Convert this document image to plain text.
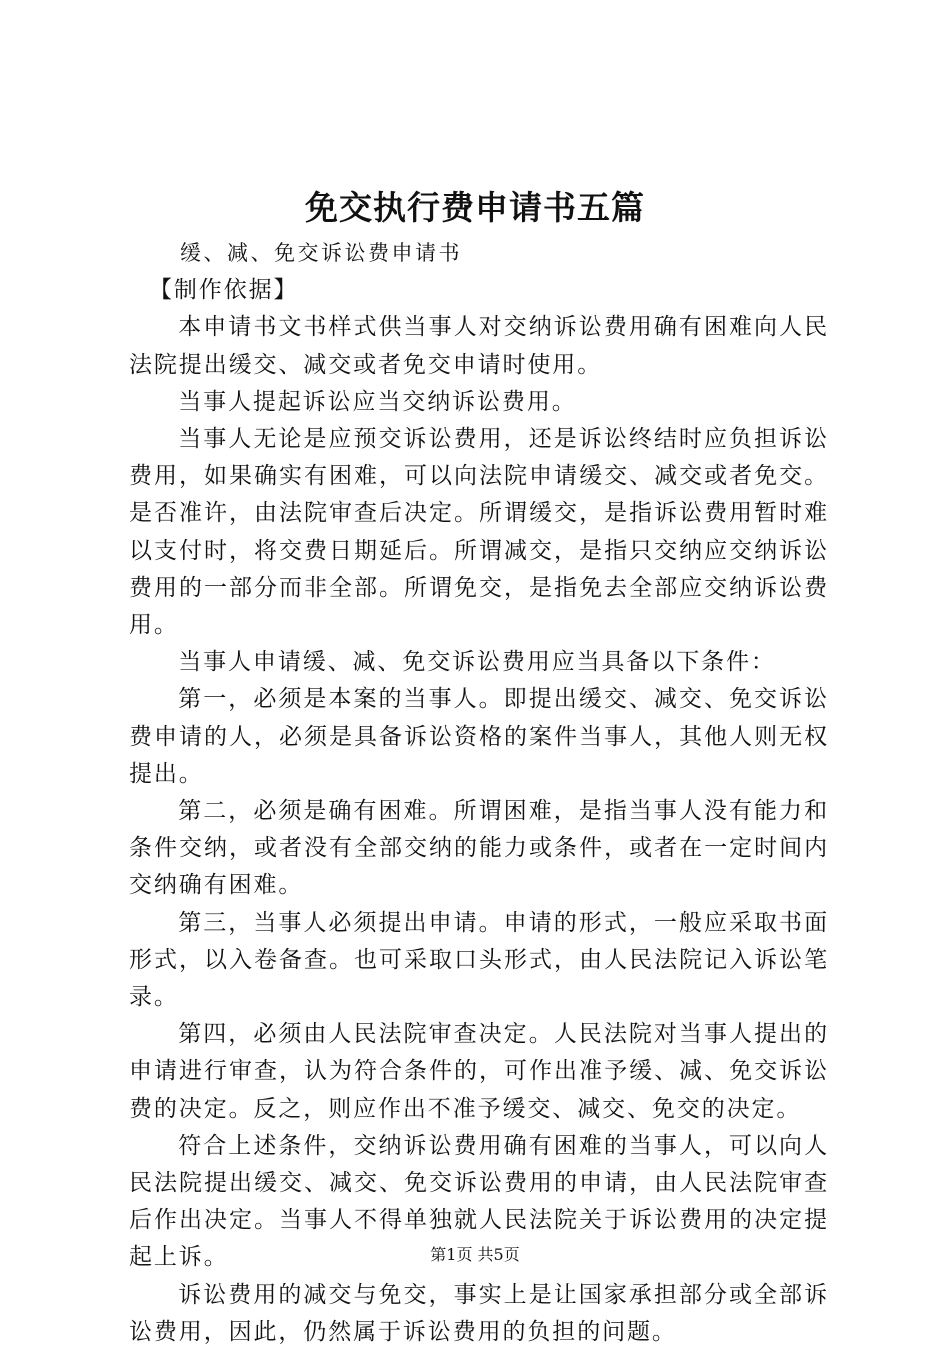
免交执行费申请书五篇

缓、减、免交诉讼费申请书

【制作依据】

本申请书文书样式供当事人对交纳诉讼费用确有困难向人民法院提出缓交、减交或者免交申请时使用。

当事人提起诉讼应当交纳诉讼费用。

当事人无论是应预交诉讼费用，还是诉讼终结时应负担诉讼费用，如果确实有困难，可以向法院申请缓交、减交或者免交。是否准许，由法院审查后决定。所谓缓交，是指诉讼费用暂时难以支付时，将交费日期延后。所谓减交，是指只交纳应交纳诉讼费用的一部分而非全部。所谓免交，是指免去全部应交纳诉讼费用。

当事人申请缓、减、免交诉讼费用应当具备以下条件：

第一，必须是本案的当事人。即提出缓交、减交、免交诉讼费申请的人，必须是具备诉讼资格的案件当事人，其他人则无权提出。

第二，必须是确有困难。所谓困难，是指当事人没有能力和条件交纳，或者没有全部交纳的能力或条件，或者在一定时间内交纳确有困难。

第三，当事人必须提出申请。申请的形式，一般应采取书面形式，以入卷备查。也可采取口头形式，由人民法院记入诉讼笔录。

第四，必须由人民法院审查决定。人民法院对当事人提出的申请进行审查，认为符合条件的，可作出准予缓、减、免交诉讼费的决定。反之，则应作出不准予缓交、减交、免交的决定。

符合上述条件，交纳诉讼费用确有困难的当事人，可以向人民法院提出缓交、减交、免交诉讼费用的申请，由人民法院审查后作出决定。当事人不得单独就人民法院关于诉讼费用的决定提起上诉。

诉讼费用的减交与免交，事实上是让国家承担部分或全部诉讼费用，因此，仍然属于诉讼费用的负担的问题。

第1页 共5页
